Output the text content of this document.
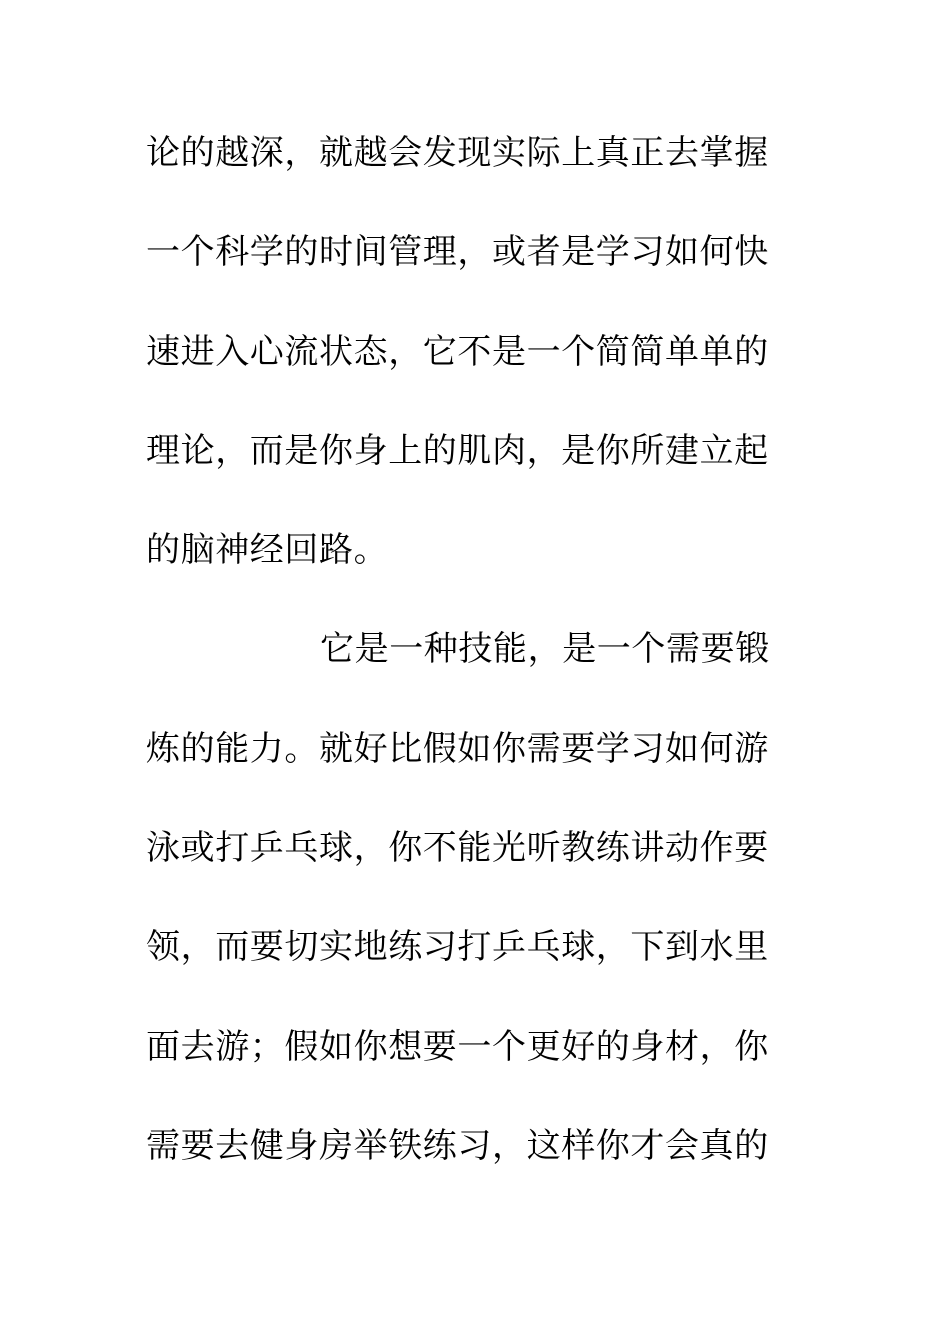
论的越深，就越会发现实际上真正去掌握
一个科学的时间管理，或者是学习如何快
速进入心流状态，它不是一个简简单单的
理论，而是你身上的肌肉，是你所建立起
的脑神经回路。
它是一种技能，是一个需要锻
炼的能力。就好比假如你需要学习如何游
泳或打乒乓球，你不能光听教练讲动作要
领，而要切实地练习打乒乓球，下到水里
面去游；假如你想要一个更好的身材，你
需要去健身房举铁练习，这样你才会真的
